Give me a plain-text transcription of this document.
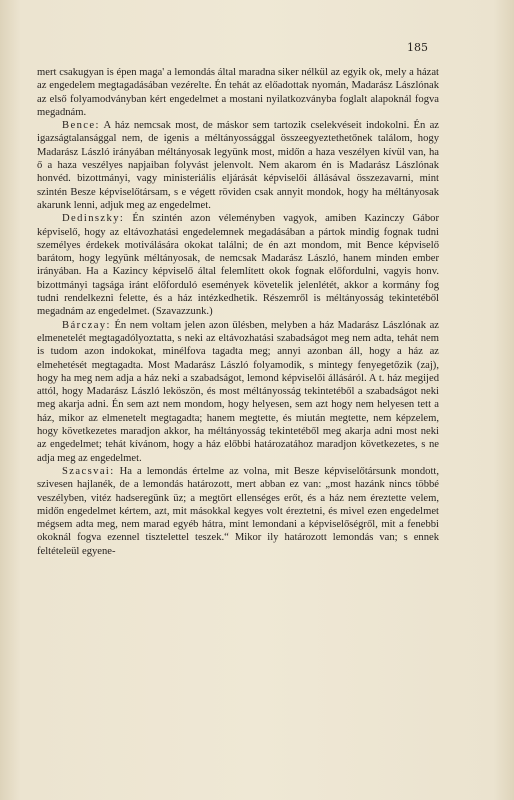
185

mert csakugyan is épen maga' a lemondás által maradna siker nélkül az egyik ok, mely a házat az engedelem megtagadásában vezérelte. Én tehát az előadottak nyomán, Madarász Lászlónak az első folyamodványban kért engedelmet a mostani nyilatkozványba foglalt alapoknál fogva megadnám.

Bence: A ház nemcsak most, de máskor sem tartozik cselekvéseit indokolni. Én az igazságtalansággal nem, de igenis a méltányossággal összeegyeztethetőnek találom, hogy Madarász László irányában méltányosak legyünk most, midőn a haza veszélyen kívül van, ha ő a haza veszélyes napjaiban folyvást jelenvolt. Nem akarom én is Madarász Lászlónak honvéd. bizottmányi, vagy ministeriális eljárását képviselői állásával összezavarni, mint szintén Besze képviselőtársam, s e végett röviden csak annyit mondok, hogy ha méltányosak akarunk lenni, adjuk meg az engedelmet.

Dedinszky: Én szintén azon véleményben vagyok, amiben Kazinczy Gábor képviselő, hogy az eltávozhatási engedelemnek megadásában a pártok mindig fognak tudni személyes érdekek motiválására okokat találni; de én azt mondom, mit Bence képviselő barátom, hogy legyünk méltányosak, de nemcsak Madarász László, hanem minden ember irányában. Ha a Kazincy képviselő által felemlített okok fognak előfordulni, vagyis honv. bizottmányi tagsága iránt előforduló események követelik jelenlétét, akkor a kormány fog tudni rendelkezni felette, és a ház intézkedhetik. Részemről is méltányosság tekintetéből megadnám az engedelmet. (Szavazzunk.)

Bárczay: Én nem voltam jelen azon ülésben, melyben a ház Madarász Lászlónak az elmenetelét megtagadólyoztatta, s neki az eltávozhatási szabadságot meg nem adta, tehát nem is tudom azon indokokat, minélfova tagadta meg; annyi azonban áll, hogy a ház az elmehetését megtagadta. Most Madarász László folyamodik, s mintegy fenyegetőzik (zaj), hogy ha meg nem adja a ház neki a szabadságot, lemond képviselői állásáról. A t. ház megijed attól, hogy Madarász László leköszön, és most méltányosság tekintetéből a szabadságot neki meg akarja adni. Én sem azt nem mondom, hogy helyesen, sem azt hogy nem helyesen tett a ház, mikor az elmenetelt megtagadta; hanem megtette, és miután megtette, nem képzelem, hogy következetes maradjon akkor, ha méltányosság tekintetéből meg akarja adni most neki az engedelmet; tehát kívánom, hogy a ház előbbi határozatához maradjon következetes, s ne adja meg az engedelmet.

Szacsvai: Ha a lemondás értelme az volna, mit Besze képviselőtársunk mondott, szivesen hajlanék, de a lemondás határozott, mert abban ez van: „most hazánk nincs többé veszélyben, vitéz hadseregünk üz; a megtört ellenséges erőt, és a ház nem éreztette velem, midőn engedelmet kértem, azt, mit másokkal kegyes volt éreztetni, és mivel ezen engedelmet mégsem adta meg, nem marad egyéb hátra, mint lemondani a képviselőségről, mit a fenebbi okoknál fogva ezennel tisztelettel teszek.“ Mikor ily határozott lemondás van; s ennek feltételeül egyene-
